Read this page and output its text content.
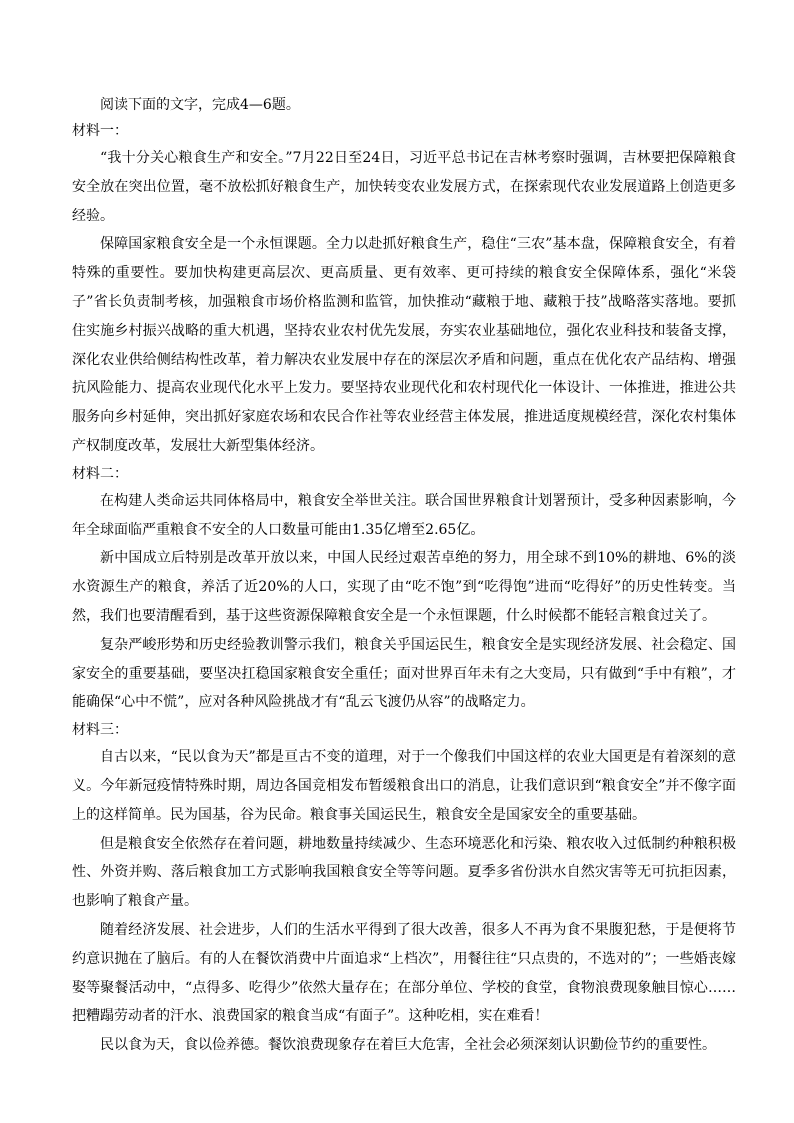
阅读下面的文字，完成4—6题。

材料一：

“我十分关心粮食生产和安全。”7月22日至24日，习近平总书记在吉林考察时强调，吉林要把保障粮食安全放在突出位置，毫不放松抓好粮食生产，加快转变农业发展方式，在探索现代农业发展道路上创造更多经验。

保障国家粮食安全是一个永恒课题。全力以赴抓好粮食生产，稳住“三农”基本盘，保障粮食安全，有着特殊的重要性。要加快构建更高层次、更高质量、更有效率、更可持续的粮食安全保障体系，强化“米袋子”省长负责制考核，加强粮食市场价格监测和监管，加快推动“藏粮于地、藏粮于技”战略落实落地。要抓住实施乡村振兴战略的重大机遇，坚持农业农村优先发展，夯实农业基础地位，强化农业科技和装备支撑，深化农业供给侧结构性改革，着力解决农业发展中存在的深层次矛盾和问题，重点在优化农产品结构、增强抗风险能力、提高农业现代化水平上发力。要坚持农业现代化和农村现代化一体设计、一体推进，推进公共服务向乡村延伸，突出抓好家庭农场和农民合作社等农业经营主体发展，推进适度规模经营，深化农村集体产权制度改革，发展壮大新型集体经济。

材料二：

在构建人类命运共同体格局中，粮食安全举世关注。联合国世界粮食计划署预计，受多种因素影响，今年全球面临严重粮食不安全的人口数量可能由1.35亿增至2.65亿。

新中国成立后特别是改革开放以来，中国人民经过艰苦卓绝的努力，用全球不到10%的耕地、6%的淡水资源生产的粮食，养活了近20%的人口，实现了由“吃不饱”到“吃得饱”进而“吃得好”的历史性转变。当然，我们也要清醒看到，基于这些资源保障粮食安全是一个永恒课题，什么时候都不能轻言粮食过关了。

复杂严峻形势和历史经验教训警示我们，粮食关乎国运民生，粮食安全是实现经济发展、社会稳定、国家安全的重要基础，要坚决扛稳国家粮食安全重任；面对世界百年未有之大变局，只有做到“手中有粮”，才能确保“心中不慌”，应对各种风险挑战才有“乱云飞渡仍从容”的战略定力。

材料三：

自古以来，“民以食为天”都是亘古不变的道理，对于一个像我们中国这样的农业大国更是有着深刻的意义。今年新冠疫情特殊时期，周边各国竞相发布暂缓粮食出口的消息，让我们意识到“粮食安全”并不像字面上的这样简单。民为国基，谷为民命。粮食事关国运民生，粮食安全是国家安全的重要基础。

但是粮食安全依然存在着问题，耕地数量持续减少、生态环境恶化和污染、粮农收入过低制约种粮积极性、外资并购、落后粮食加工方式影响我国粮食安全等等问题。夏季多省份洪水自然灾害等无可抗拒因素，也影响了粮食产量。

随着经济发展、社会进步，人们的生活水平得到了很大改善，很多人不再为食不果腹犯愁，于是便将节约意识抛在了脑后。有的人在餐饮消费中片面追求“上档次”，用餐往往“只点贵的，不选对的”；一些婚丧嫁娶等聚餐活动中，“点得多、吃得少”依然大量存在；在部分单位、学校的食堂，食物浪费现象触目惊心……把糟蹋劳动者的汗水、浪费国家的粮食当成“有面子”。这种吃相，实在难看！

民以食为天，食以俭养德。餐饮浪费现象存在着巨大危害，全社会必须深刻认识勤俭节约的重要性。
